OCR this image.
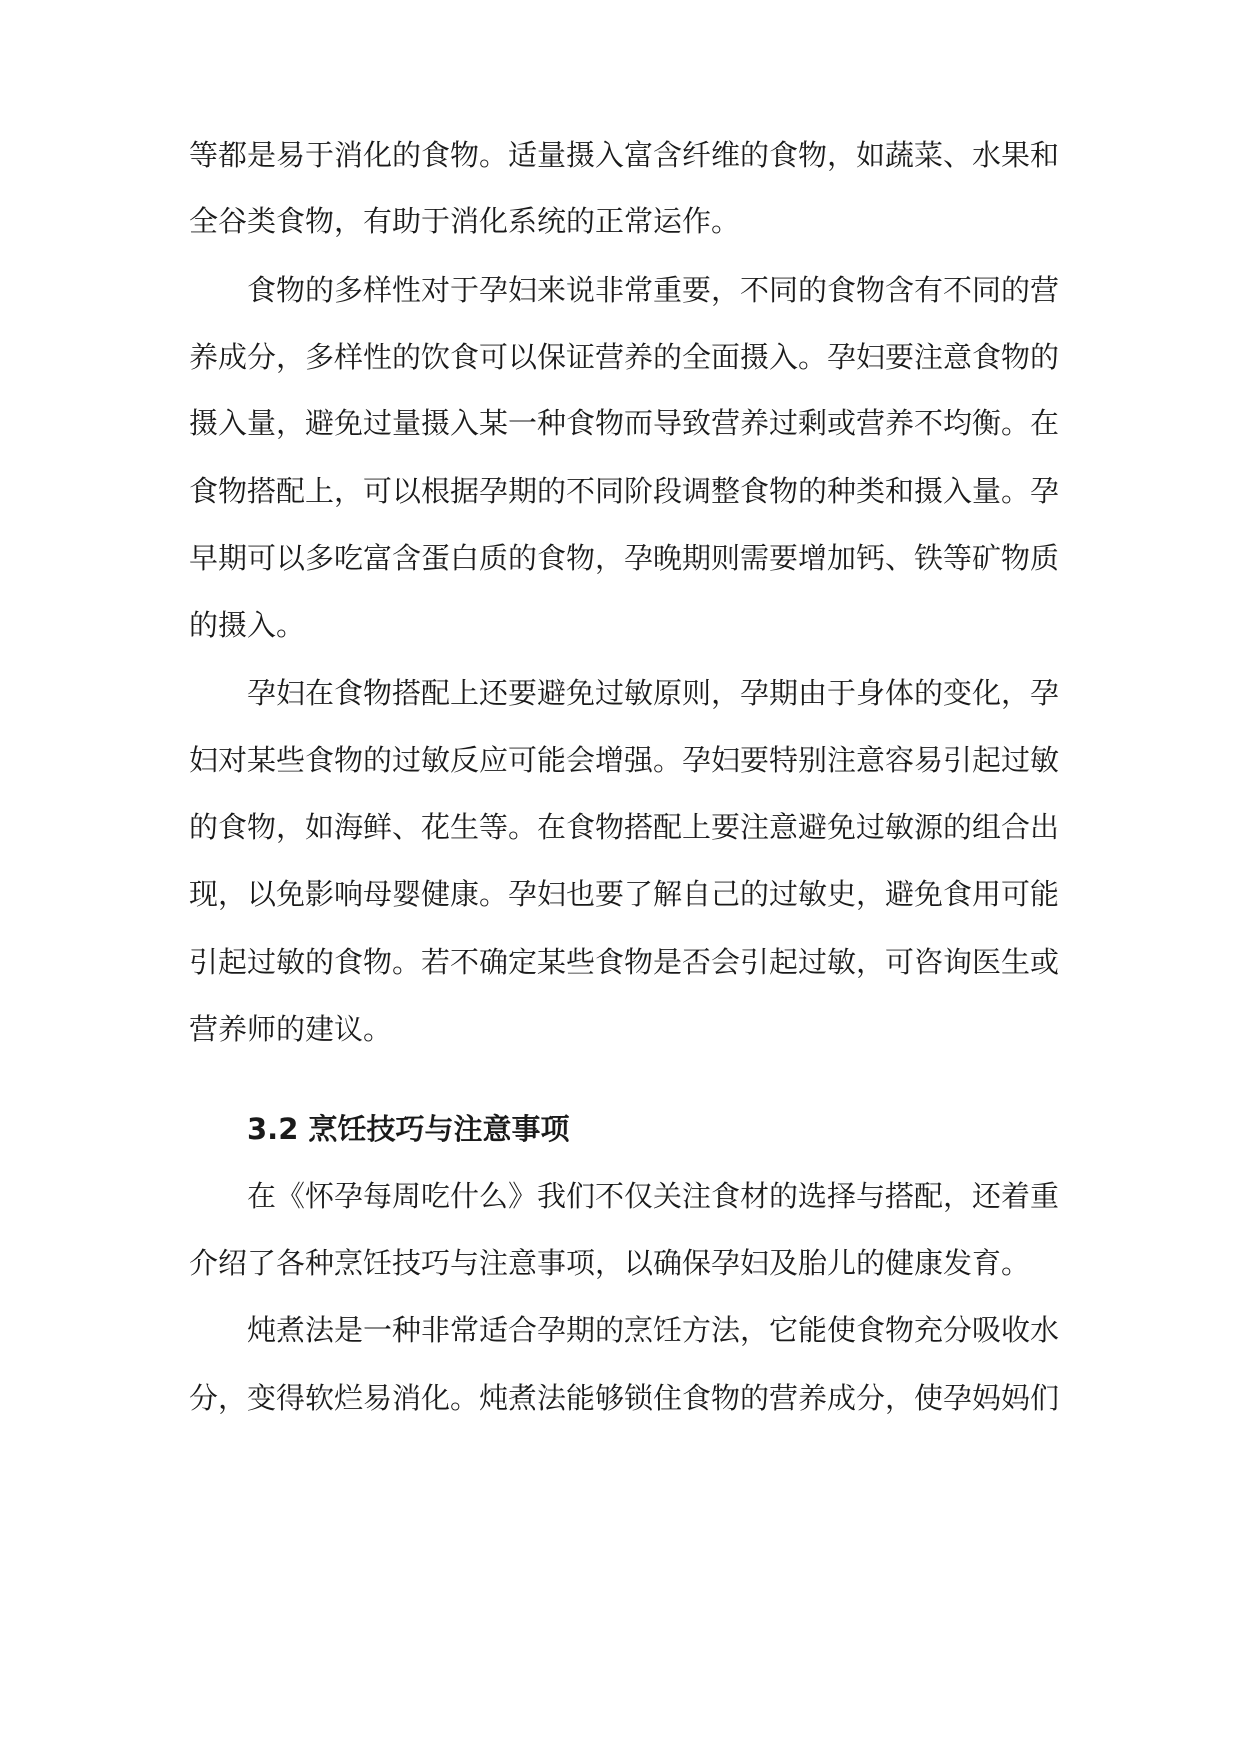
等都是易于消化的食物。适量摄入富含纤维的食物，如蔬菜、水果和
全谷类食物，有助于消化系统的正常运作。
食物的多样性对于孕妇来说非常重要，不同的食物含有不同的营
养成分，多样性的饮食可以保证营养的全面摄入。孕妇要注意食物的
摄入量，避免过量摄入某一种食物而导致营养过剩或营养不均衡。在
食物搭配上，可以根据孕期的不同阶段调整食物的种类和摄入量。孕
早期可以多吃富含蛋白质的食物，孕晚期则需要增加钙、铁等矿物质
的摄入。
孕妇在食物搭配上还要避免过敏原则，孕期由于身体的变化，孕
妇对某些食物的过敏反应可能会增强。孕妇要特别注意容易引起过敏
的食物，如海鲜、花生等。在食物搭配上要注意避免过敏源的组合出
现，以免影响母婴健康。孕妇也要了解自己的过敏史，避免食用可能
引起过敏的食物。若不确定某些食物是否会引起过敏，可咨询医生或
营养师的建议。
3.2 烹饪技巧与注意事项
在《怀孕每周吃什么》我们不仅关注食材的选择与搭配，还着重
介绍了各种烹饪技巧与注意事项，以确保孕妇及胎儿的健康发育。
炖煮法是一种非常适合孕期的烹饪方法，它能使食物充分吸收水
分，变得软烂易消化。炖煮法能够锁住食物的营养成分，使孕妈妈们
